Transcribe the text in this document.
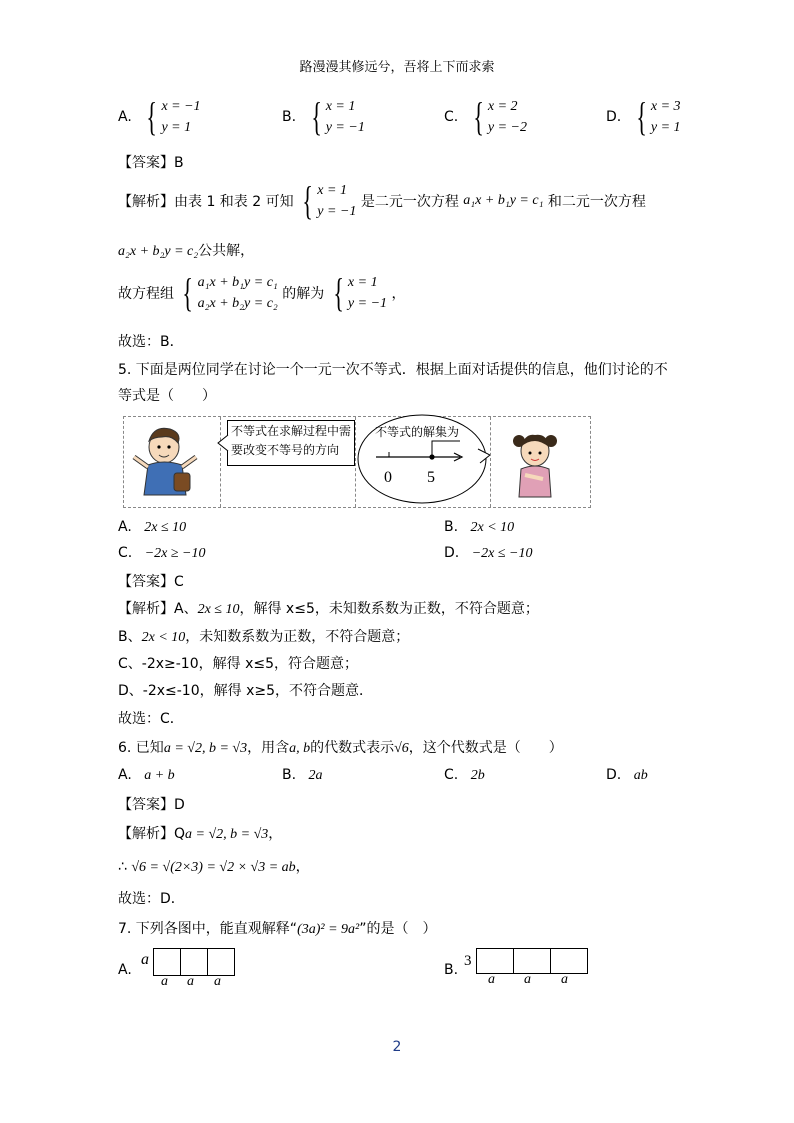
路漫漫其修远兮，吾将上下而求索
A. { x = −1
y = 1
B. { x = 1
y = −1
C. { x = 2
y = −2
D. { x = 3
y = 1
【答案】B
【解析】由表 1 和表 2 可知 { x = 1
y = −1
是二元一次方程 a₁x + b₁y = c₁ 和二元一次方程
a₂x + b₂y = c₂公共解，
故方程组 { a₁x + b₁y = c₁
a₂x + b₂y = c₂
的解为 { x = 1
y = −1
，
故选：B．
5. 下面是两位同学在讨论一个一元一次不等式．根据上面对话提供的信息，他们讨论的不
等式是（　　）
不等式在求解过程中需要改变不等号的方向
不等式的解集为
0 5
A. 2x ≤ 10	B. 2x < 10
C. −2x ≥ −10	D. −2x ≤ −10
【答案】C
【解析】A、2x ≤ 10，解得 x≤5，未知数系数为正数，不符合题意；
B、2x < 10，未知数系数为正数，不符合题意；
C、-2x≥-10，解得 x≤5，符合题意；
D、-2x≤-10，解得 x≥5，不符合题意．
故选：C．
6. 已知a = √2, b = √3，用含a, b的代数式表示√6，这个代数式是（　　）
A. a + b	B. 2a	C. 2b	D. ab
【答案】D
【解析】Qa = √2, b = √3，
∴ √6 = √(2×3) = √2 × √3 = ab，
故选：D．
7. 下列各图中，能直观解释“(3a)² = 9a²”的是（　）
A.
a
a a a
B.
3
a a a
2
